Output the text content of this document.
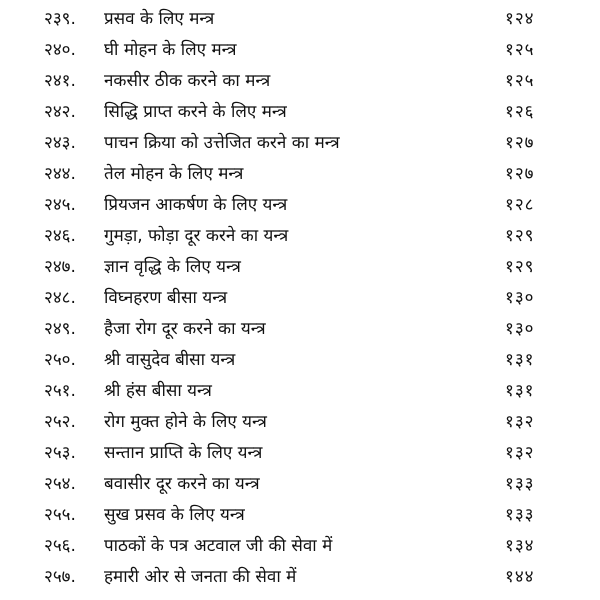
२३९. प्रसव के लिए मन्त्र	१२४
२४०. घी मोहन के लिए मन्त्र	१२५
२४१. नकसीर ठीक करने का मन्त्र	१२५
२४२. सिद्धि प्राप्त करने के लिए मन्त्र	१२६
२४३. पाचन क्रिया को उत्तेजित करने का मन्त्र	१२७
२४४. तेल मोहन के लिए मन्त्र	१२७
२४५. प्रियजन आकर्षण के लिए यन्त्र	१२८
२४६. गुमड़ा, फोड़ा दूर करने का यन्त्र	१२९
२४७. ज्ञान वृद्धि के लिए यन्त्र	१२९
२४८. विघ्नहरण बीसा यन्त्र	१३०
२४९. हैजा रोग दूर करने का यन्त्र	१३०
२५०. श्री वासुदेव बीसा यन्त्र	१३१
२५१. श्री हंस बीसा यन्त्र	१३१
२५२. रोग मुक्त होने के लिए यन्त्र	१३२
२५३. सन्तान प्राप्ति के लिए यन्त्र	१३२
२५४. बवासीर दूर करने का यन्त्र	१३३
२५५. सुख प्रसव के लिए यन्त्र	१३३
२५६. पाठकों के पत्र अटवाल जी की सेवा में	१३४
२५७. हमारी ओर से जनता की सेवा में	१४४
